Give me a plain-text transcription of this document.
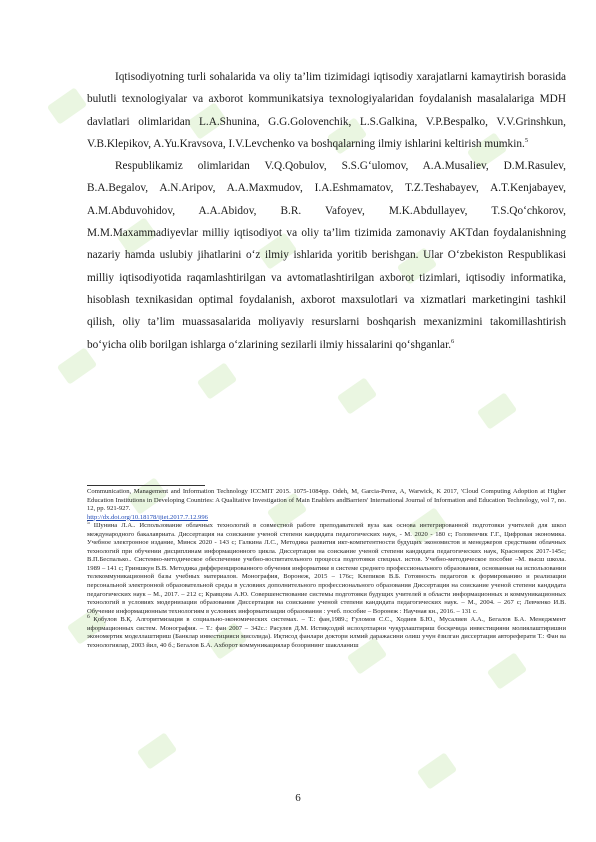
Iqtisodiyotning turli sohalarida va oliy ta’lim tizimidagi iqtisodiy xarajatlarni kamaytirish borasida bulutli texnologiyalar va axborot kommunikatsiya texnologiyalaridan foydalanish masalalariga MDH davlatlari olimlaridan L.A.Shunina, G.G.Golovenchik, L.S.Galkina, V.P.Bespalko, V.V.Grinshkun, V.B.Klepikov, A.Yu.Kravsova, I.V.Levchenko va boshqalarning ilmiy ishlarini keltirish mumkin.$^5$

Respublikamiz olimlaridan V.Q.Qobulov, S.S.G‘ulomov, A.A.Musaliev, D.M.Rasulev, B.A.Begalov, A.N.Aripov, A.A.Maxmudov, I.A.Eshmamatov, T.Z.Teshabayev, A.T.Kenjabayev, A.M.Abduvohidov, A.A.Abidov, B.R. Vafoyev, M.K.Abdullayev, T.S.Qo‘chkorov, M.M.Maxammadiyevlar milliy iqtisodiyot va oliy ta’lim tizimida zamonaviy AKTdan foydalanishning nazariy hamda uslubiy jihatlarini o‘z ilmiy ishlarida yoritib berishgan. Ular O‘zbekiston Respublikasi milliy iqtisodiyotida raqamlashtirilgan va avtomatlashtirilgan axborot tizimlari, iqtisodiy informatika, hisoblash texnikasidan optimal foydalanish, axborot maxsulotlari va xizmatlari marketingini tashkil qilish, oliy ta’lim muassasalarida moliyaviy resurslarni boshqarish mexanizmini takomillashtirish bo‘yicha olib borilgan ishlarga o‘zlarining sezilarli ilmiy hissalarini qo‘shganlar.$^6$

Communication, Management and Information Technology ICCMIT 2015. 1075-1084pp. Odeh, M, Garcia-Perez, A, Warwick, K 2017, 'Cloud Computing Adoption at Higher Education Institutions in Developing Countries: A Qualitative Investigation of Main Enablers andBarriers' International Journal of Information and Education Technology, vol 7, no. 12, pp. 921-927.
http://dx.doi.org/10.18178/ijiet.2017.7.12.996

$^5$ Шунина Л.А.. Использование облачных технологий в совместной работе преподавателей вуза как основа интегрированной подготовки учителей для школ международного бакалавриата. Диссертация на соискание ученой степени кандидата педагогических наук, - М. 2020 - 180 с; Головенчик Г.Г., Цифровая экономика. Учебное электронное издание, Минск 2020 - 143 с; Галкина Л.С., Методика развития икт-компетентности будущих экономистов и менеджеров средствами облачных технологий при обучении дисциплинам информационного цикла. Диссертации на соискание ученой степени кандидата педагогических наук, Красноярск 2017-145с; В.П.Беспалько.. Системно-методическое обеспечение учебно-воспитательного процесса подготовки специал. истов. Учебно-методическое пособие –М. высш школа. 1989 – 141 с; Гриншкун В.В. Методика дифференцированного обучения информатике в системе среднего профессионального образования, основанная на использовании телекоммуникационной базы учебных материалов. Монография, Воронеж, 2015 – 176с; Клепиков В.Б. Готовность педагогов к формированию и реализации персональной электронной образовательной среды в условиях дополнительного профессионального образования Диссертация на соискание ученой степени кандидата педагогических наук – М., 2017. – 212 с; Кравцова А.Ю. Совершенствование системы подготовки будущих учителей в области информационных и коммуникационных технологий в условиях модернизации образования Диссертация на соискание ученой степени кандидата педагогических наук. – М., 2004. – 267 с; Левченко И.В. Обучение информационным технологиям в условиях информатизации образования : учеб. пособие – Воронеж : Научная кн., 2016. – 131 с.

$^6$ Қобулов В.Қ. Алгоритмизация в социально-экономических системах. – Т.: фан,1989.; Ғуломов С.С., Ходиев Б.Ю., Мусалиев А.А., Бегалов Б.А. Менеджмент иформационных систем. Монография. – Т.: фан 2007 – 342с.: Расулев Д.М. Истиқсодий ислоҳотларни чуқурлаштириш босқичида инвестицияни молиялаштиришни экономертик моделлаштириш (Банклар инвестицияси мисолида). Иқтисод фанлари доктори илмий даражасини олиш учун ёзилган диссертация автореферати Т.: Фан ва технологиялар, 2003 йил, 40 б.; Бегалов Б.А. Ахборот коммуникациялар бозорининг шаклланиш

6
